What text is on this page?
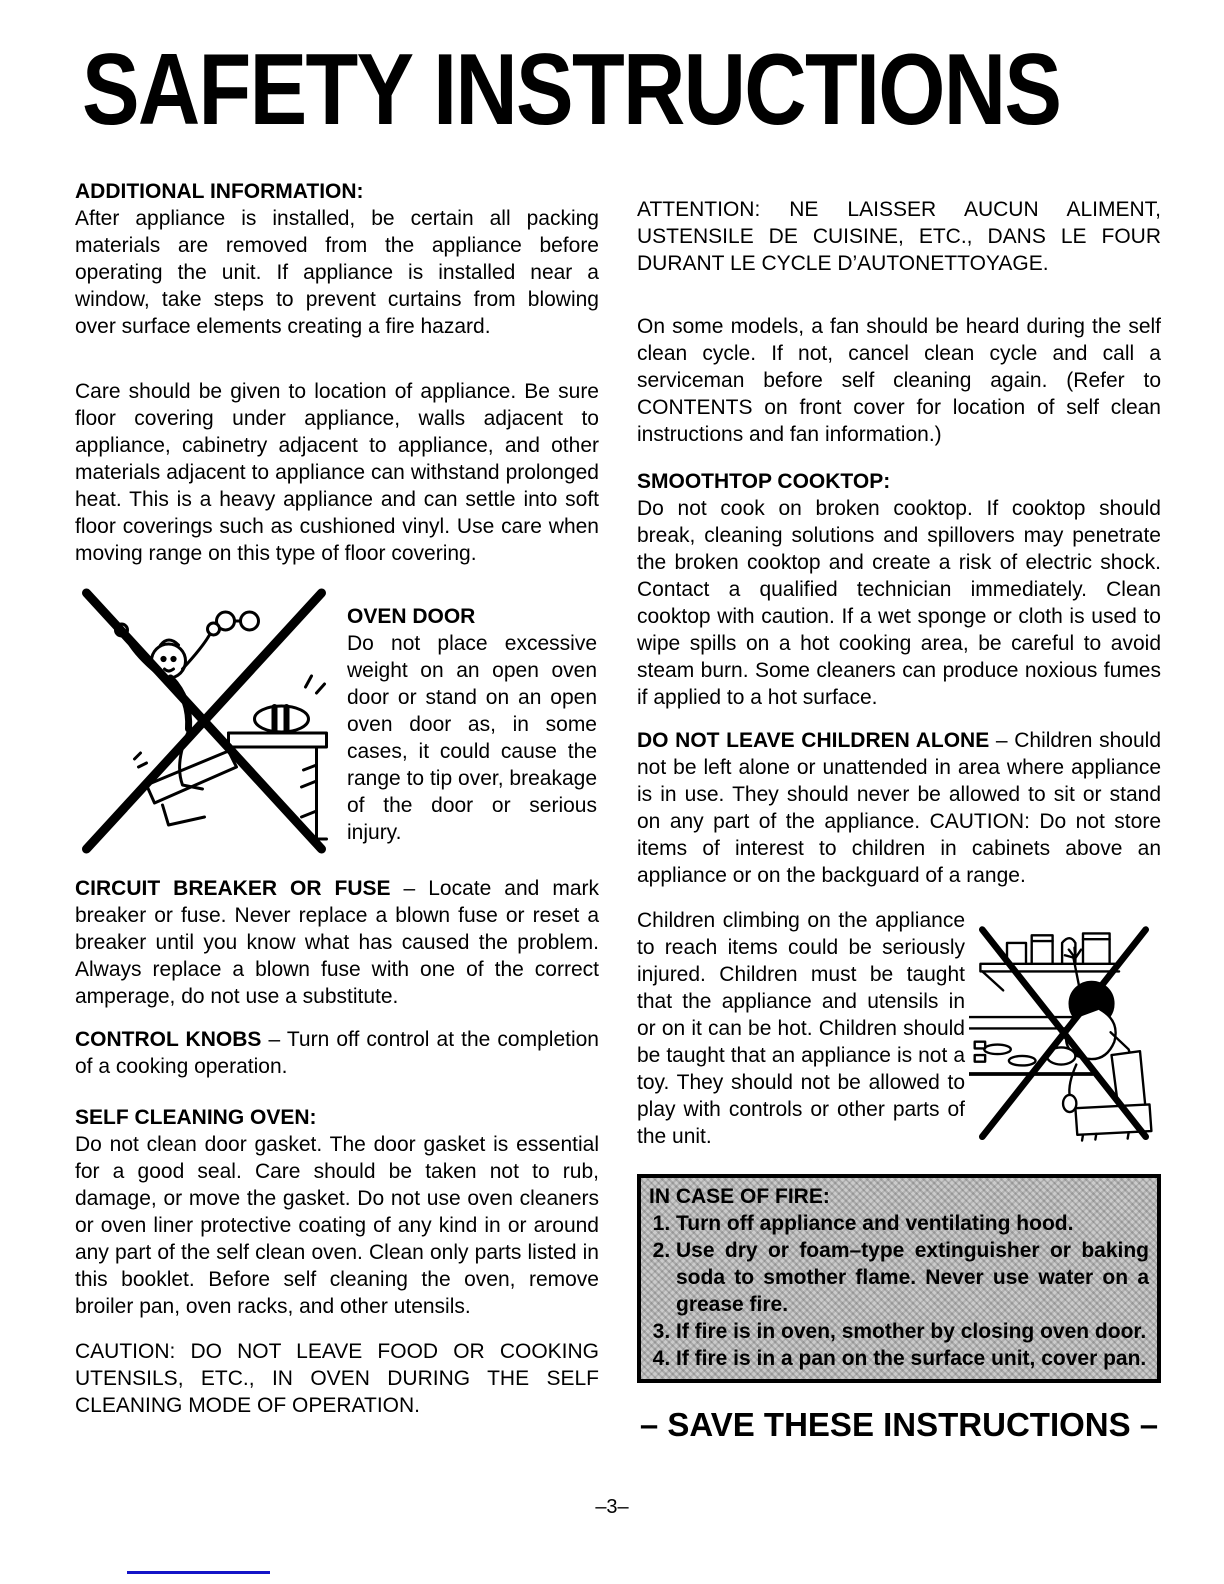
SAFETY INSTRUCTIONS

ADDITIONAL INFORMATION:

After appliance is installed, be certain all packing materials are removed from the appliance before operating the unit. If appliance is installed near a window, take steps to prevent curtains from blowing over surface elements creating a fire hazard.

Care should be given to location of appliance. Be sure floor covering under appliance, walls adjacent to appliance, cabinetry adjacent to appliance, and other materials adjacent to appliance can withstand prolonged heat. This is a heavy appliance and can settle into soft floor coverings such as cushioned vinyl. Use care when moving range on this type of floor covering.

OVEN DOOR

Do not place excessive weight on an open oven door or stand on an open oven door as, in some cases, it could cause the range to tip over, breakage of the door or serious injury.

CIRCUIT BREAKER OR FUSE – Locate and mark breaker or fuse. Never replace a blown fuse or reset a breaker until you know what has caused the problem. Always replace a blown fuse with one of the correct amperage, do not use a substitute.

CONTROL KNOBS – Turn off control at the completion of a cooking operation.

SELF CLEANING OVEN:

Do not clean door gasket. The door gasket is essential for a good seal. Care should be taken not to rub, damage, or move the gasket. Do not use oven cleaners or oven liner protective coating of any kind in or around any part of the self clean oven. Clean only parts listed in this booklet. Before self cleaning the oven, remove broiler pan, oven racks, and other utensils.

CAUTION: DO NOT LEAVE FOOD OR COOKING UTENSILS, ETC., IN OVEN DURING THE SELF CLEANING MODE OF OPERATION.

ATTENTION: NE LAISSER AUCUN ALIMENT, USTENSILE DE CUISINE, ETC., DANS LE FOUR DURANT LE CYCLE D’AUTONETTOYAGE.

On some models, a fan should be heard during the self clean cycle. If not, cancel clean cycle and call a serviceman before self cleaning again. (Refer to CONTENTS on front cover for location of self clean instructions and fan information.)

SMOOTHTOP COOKTOP:

Do not cook on broken cooktop. If cooktop should break, cleaning solutions and spillovers may penetrate the broken cooktop and create a risk of electric shock. Contact a qualified technician immediately. Clean cooktop with caution. If a wet sponge or cloth is used to wipe spills on a hot cooking area, be careful to avoid steam burn. Some cleaners can produce noxious fumes if applied to a hot surface.

DO NOT LEAVE CHILDREN ALONE – Children should not be left alone or unattended in area where appliance is in use. They should never be allowed to sit or stand on any part of the appliance. CAUTION: Do not store items of interest to children in cabinets above an appliance or on the backguard of a range.

Children climbing on the appliance to reach items could be seriously injured. Children must be taught that the appliance and utensils in or on it can be hot. Children should be taught that an appliance is not a toy. They should not be allowed to play with controls or other parts of the unit.

IN CASE OF FIRE:

1. Turn off appliance and ventilating hood.
2. Use dry or foam–type extinguisher or baking soda to smother flame. Never use water on a grease fire.
3. If fire is in oven, smother by closing oven door.
4. If fire is in a pan on the surface unit, cover pan.
– SAVE THESE INSTRUCTIONS –
–3–
